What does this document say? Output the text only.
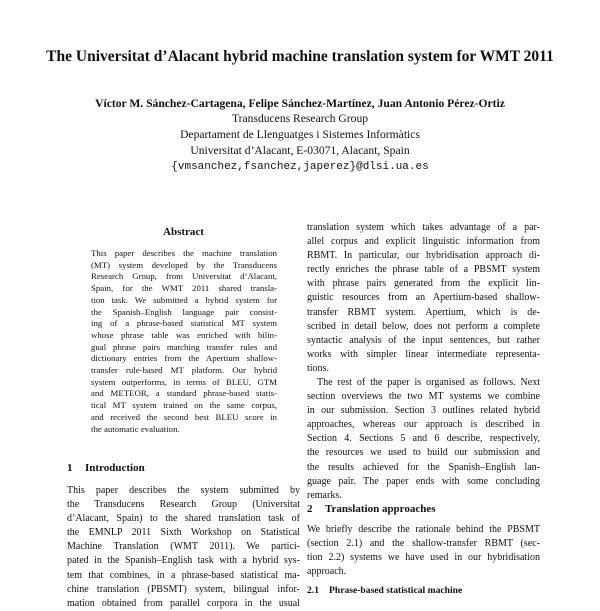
The Universitat d’Alacant hybrid machine translation system for WMT 2011
Víctor M. Sánchez-Cartagena, Felipe Sánchez-Martínez, Juan Antonio Pérez-Ortiz
Transducens Research Group
Departament de Llenguatges i Sistemes Informàtics
Universitat d’Alacant, E-03071, Alacant, Spain
{vmsanchez,fsanchez,japerez}@dlsi.ua.es
Abstract
This paper describes the machine translation
(MT) system developed by the Transducens
Research Group, from Universitat d’Alacant,
Spain, for the WMT 2011 shared transla-
tion task. We submitted a hybrid system for
the Spanish–English language pair consist-
ing of a phrase-based statistical MT system
whose phrase table was enriched with bilin-
gual phrase pairs matching transfer rules and
dictionary entries from the Apertium shallow-
transfer rule-based MT platform. Our hybrid
system outperforms, in terms of BLEU, GTM
and METEOR, a standard phrase-based statis-
tical MT system trained on the same corpus,
and received the second best BLEU score in
the automatic evaluation.
1 Introduction
This paper describes the system submitted by
the Transducens Research Group (Universitat
d’Alacant, Spain) to the shared translation task of
the EMNLP 2011 Sixth Workshop on Statistical
Machine Translation (WMT 2011). We partici-
pated in the Spanish–English task with a hybrid sys-
tem that combines, in a phrase-based statistical ma-
chine translation (PBSMT) system, bilingual infor-
mation obtained from parallel corpora in the usual
translation system which takes advantage of a par-
allel corpus and explicit linguistic information from
RBMT. In particular, our hybridisation approach di-
rectly enriches the phrase table of a PBSMT system
with phrase pairs generated from the explicit lin-
guistic resources from an Apertium-based shallow-
transfer RBMT system. Apertium, which is de-
scribed in detail below, does not perform a complete
syntactic analysis of the input sentences, but rather
works with simpler linear intermediate representa-
tions.
The rest of the paper is organised as follows. Next
section overviews the two MT systems we combine
in our submission. Section 3 outlines related hybrid
approaches, whereas our approach is described in
Section 4. Sections 5 and 6 describe, respectively,
the resources we used to build our submission and
the results achieved for the Spanish–English lan-
guage pair. The paper ends with some concluding
remarks.
2 Translation approaches
We briefly describe the rationale behind the PBSMT
(section 2.1) and the shallow-transfer RBMT (sec-
tion 2.2) systems we have used in our hybridisation
approach.
2.1 Phrase-based statistical machine
